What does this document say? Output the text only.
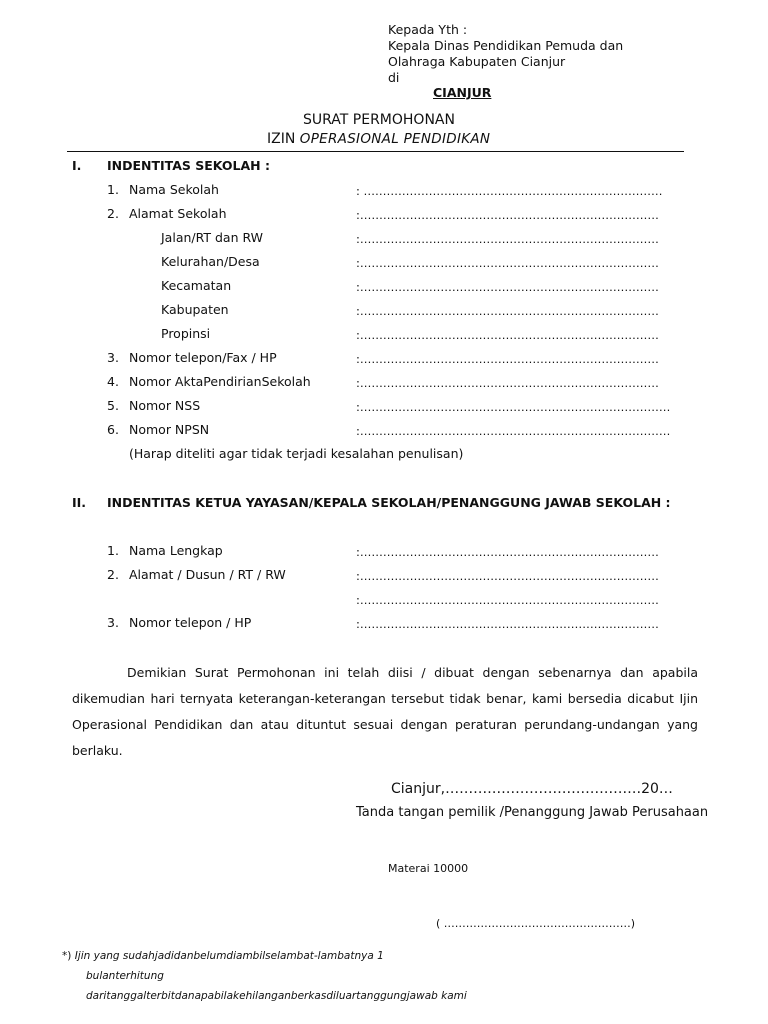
Kepada Yth :
Kepala Dinas Pendidikan Pemuda dan
Olahraga Kabupaten Cianjur
di
CIANJUR
SURAT PERMOHONAN
IZIN OPERASIONAL PENDIDIKAN
I. INDENTITAS SEKOLAH :
1. Nama Sekolah	: ……………………………………………………………………
2. Alamat Sekolah	:……………………………………………………………………
Jalan/RT dan RW	:……………………………………………………………………
Kelurahan/Desa	:……………………………………………………………………
Kecamatan	:……………………………………………………………………
Kabupaten	:……………………………………………………………………
Propinsi	:……………………………………………………………………
3. Nomor telepon/Fax / HP	:……………………………………………………………………
4. Nomor AktaPendirianSekolah	:……………………………………………………………………
5. Nomor NSS	:………………………………………………………………………
6. Nomor NPSN	:………………………………………………………………………
(Harap diteliti agar tidak terjadi kesalahan penulisan)
II. INDENTITAS KETUA YAYASAN/KEPALA SEKOLAH/PENANGGUNG JAWAB SEKOLAH :
1. Nama Lengkap	:……………………………………………………………………
2. Alamat / Dusun / RT / RW	:……………………………………………………………………
:……………………………………………………………………
3. Nomor telepon / HP	:……………………………………………………………………
Demikian Surat Permohonan ini telah diisi / dibuat dengan sebenarnya dan apabila dikemudian hari ternyata keterangan-keterangan tersebut tidak benar, kami bersedia dicabut Ijin Operasional Pendidikan dan atau dituntut sesuai dengan peraturan perundang-undangan yang berlaku.
Cianjur,……………………………………20…
Tanda tangan pemilik /Penanggung Jawab Perusahaan
Materai 10000
( ……………………………………………)
*) Ijin yang sudahjadidanbelumdiambilselambat-lambatnya 1
bulanterhitung
daritanggalterbitdanapabilakehilanganberkasdiluartanggungjawab kami
